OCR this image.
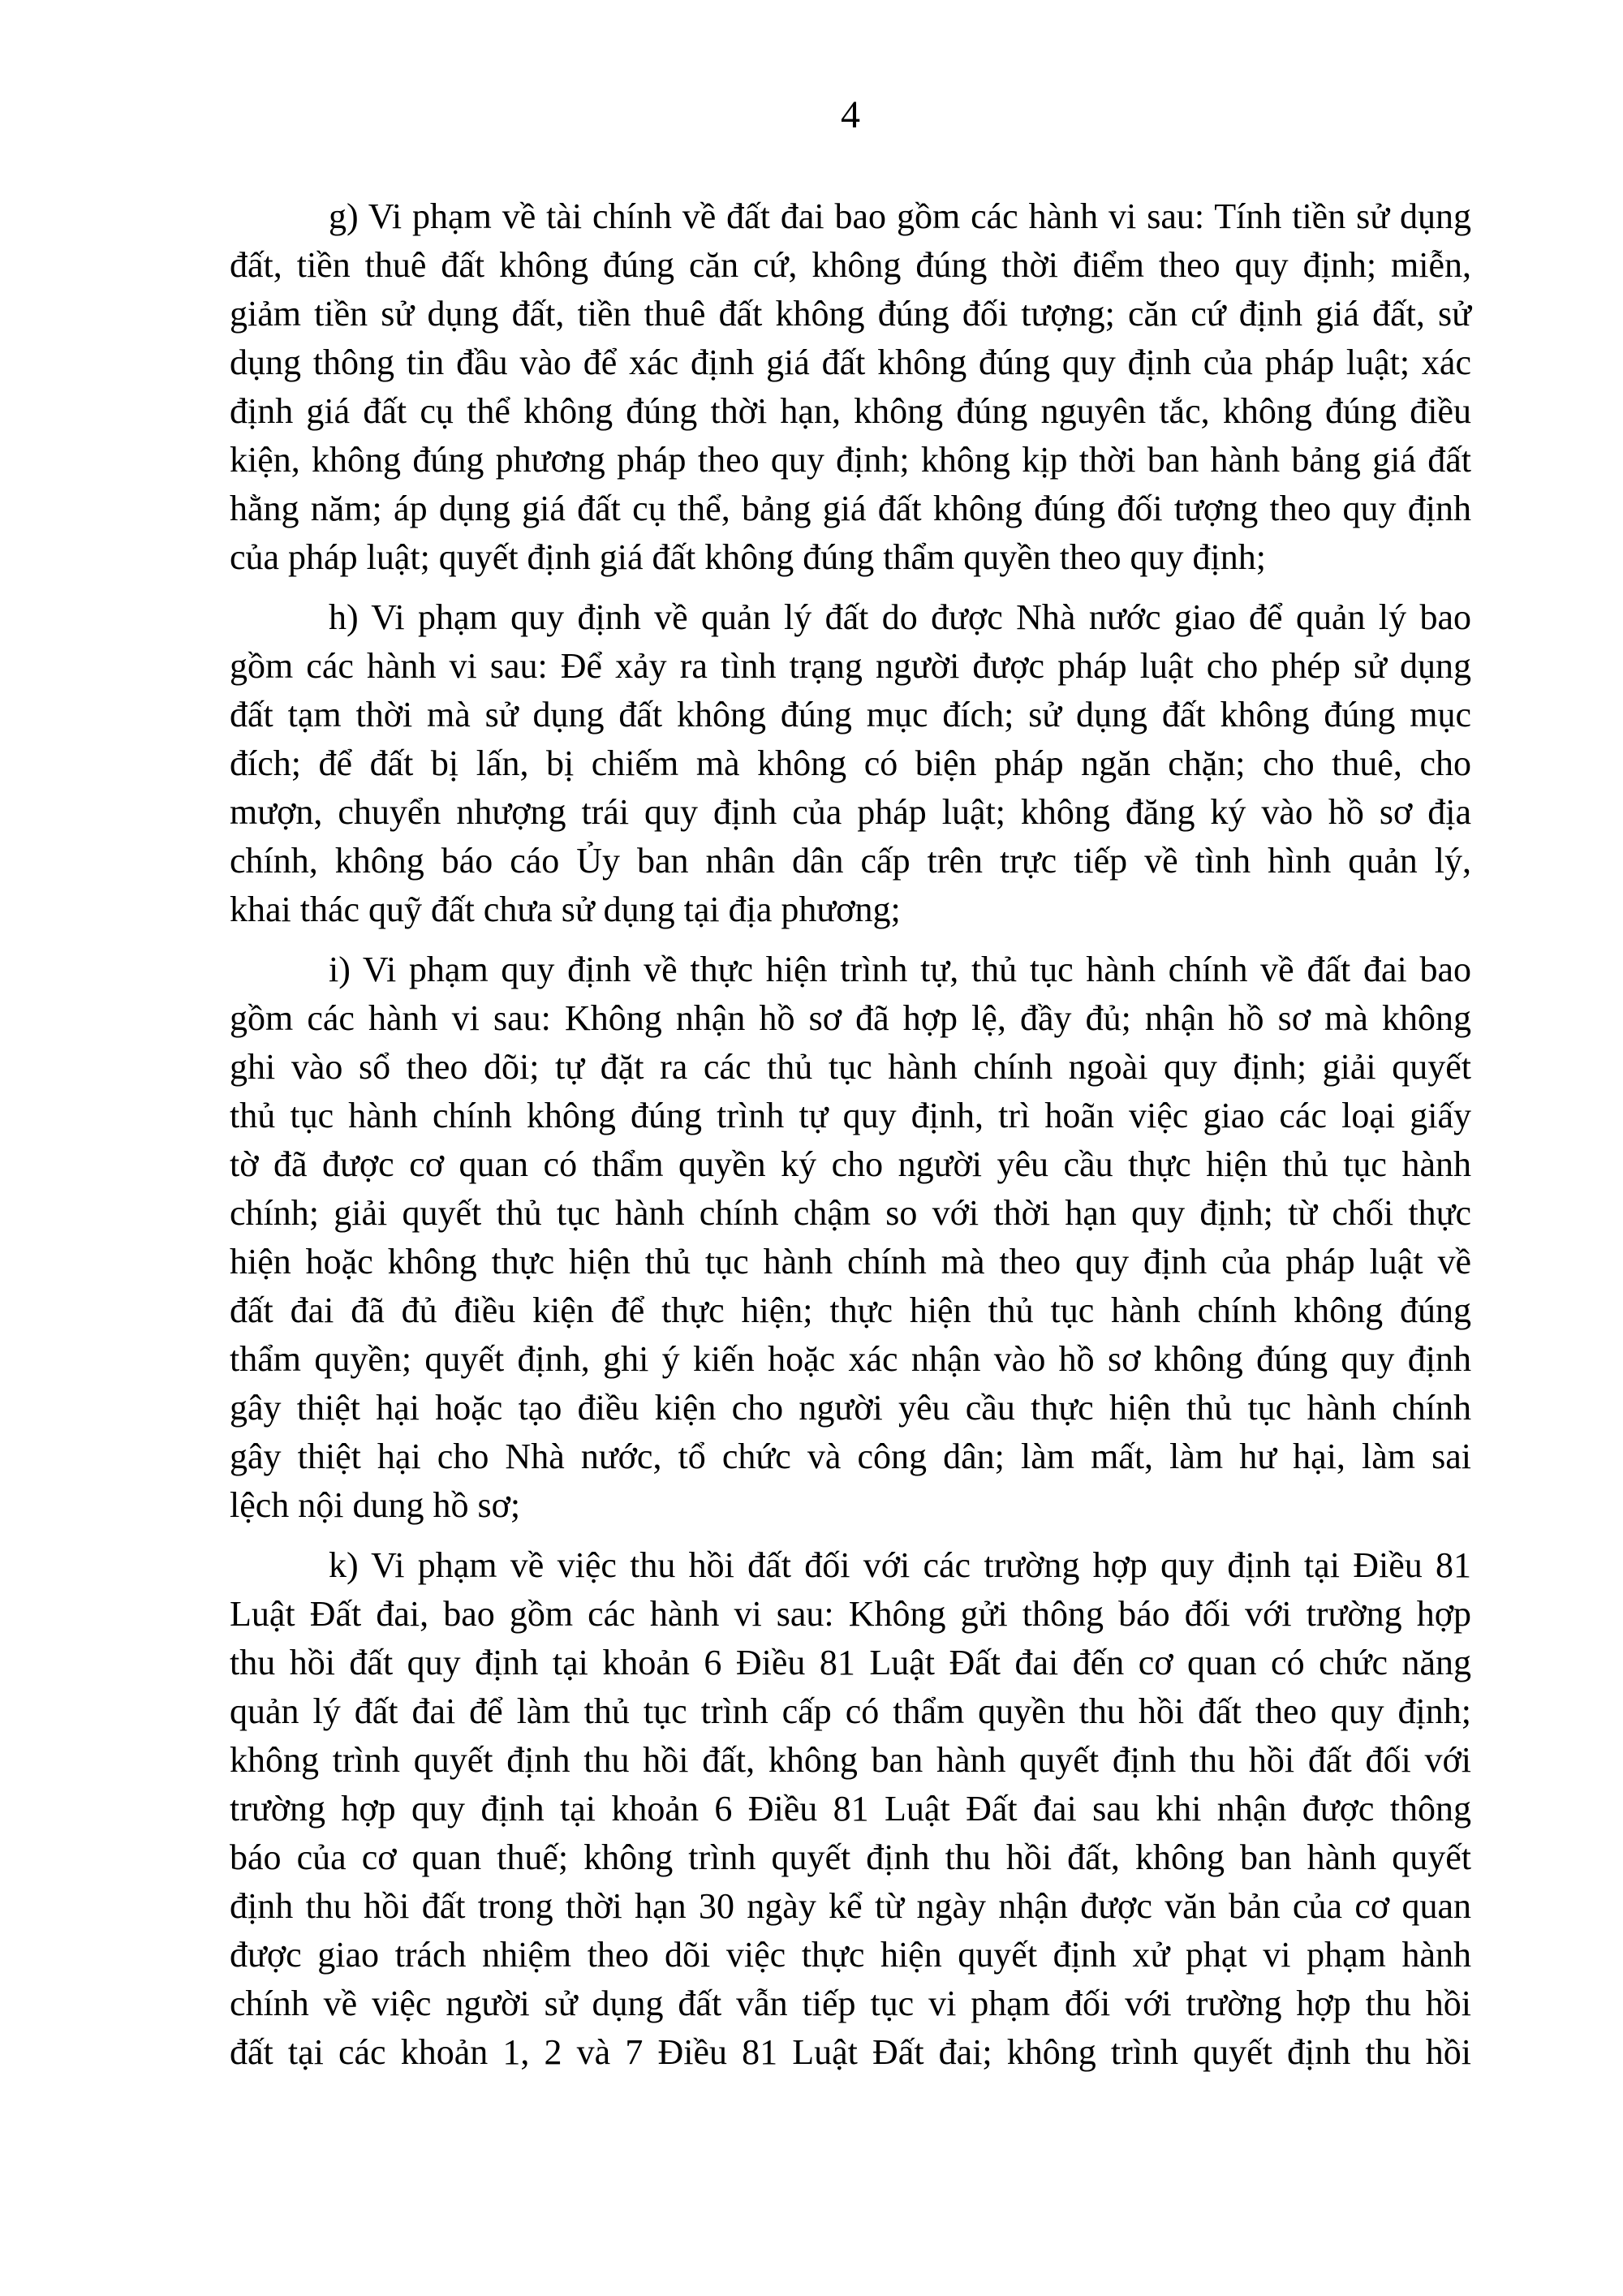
4
g) Vi phạm về tài chính về đất đai bao gồm các hành vi sau: Tính tiền sử dụng
đất, tiền thuê đất không đúng căn cứ, không đúng thời điểm theo quy định; miễn,
giảm tiền sử dụng đất, tiền thuê đất không đúng đối tượng; căn cứ định giá đất, sử
dụng thông tin đầu vào để xác định giá đất không đúng quy định của pháp luật; xác
định giá đất cụ thể không đúng thời hạn, không đúng nguyên tắc, không đúng điều
kiện, không đúng phương pháp theo quy định; không kịp thời ban hành bảng giá đất
hằng năm; áp dụng giá đất cụ thể, bảng giá đất không đúng đối tượng theo quy định
của pháp luật; quyết định giá đất không đúng thẩm quyền theo quy định;
h) Vi phạm quy định về quản lý đất do được Nhà nước giao để quản lý bao
gồm các hành vi sau: Để xảy ra tình trạng người được pháp luật cho phép sử dụng
đất tạm thời mà sử dụng đất không đúng mục đích; sử dụng đất không đúng mục
đích; để đất bị lấn, bị chiếm mà không có biện pháp ngăn chặn; cho thuê, cho
mượn, chuyển nhượng trái quy định của pháp luật; không đăng ký vào hồ sơ địa
chính, không báo cáo Ủy ban nhân dân cấp trên trực tiếp về tình hình quản lý,
khai thác quỹ đất chưa sử dụng tại địa phương;
i) Vi phạm quy định về thực hiện trình tự, thủ tục hành chính về đất đai bao
gồm các hành vi sau: Không nhận hồ sơ đã hợp lệ, đầy đủ; nhận hồ sơ mà không
ghi vào sổ theo dõi; tự đặt ra các thủ tục hành chính ngoài quy định; giải quyết
thủ tục hành chính không đúng trình tự quy định, trì hoãn việc giao các loại giấy
tờ đã được cơ quan có thẩm quyền ký cho người yêu cầu thực hiện thủ tục hành
chính; giải quyết thủ tục hành chính chậm so với thời hạn quy định; từ chối thực
hiện hoặc không thực hiện thủ tục hành chính mà theo quy định của pháp luật về
đất đai đã đủ điều kiện để thực hiện; thực hiện thủ tục hành chính không đúng
thẩm quyền; quyết định, ghi ý kiến hoặc xác nhận vào hồ sơ không đúng quy định
gây thiệt hại hoặc tạo điều kiện cho người yêu cầu thực hiện thủ tục hành chính
gây thiệt hại cho Nhà nước, tổ chức và công dân; làm mất, làm hư hại, làm sai
lệch nội dung hồ sơ;
k) Vi phạm về việc thu hồi đất đối với các trường hợp quy định tại Điều 81
Luật Đất đai, bao gồm các hành vi sau: Không gửi thông báo đối với trường hợp
thu hồi đất quy định tại khoản 6 Điều 81 Luật Đất đai đến cơ quan có chức năng
quản lý đất đai để làm thủ tục trình cấp có thẩm quyền thu hồi đất theo quy định;
không trình quyết định thu hồi đất, không ban hành quyết định thu hồi đất đối với
trường hợp quy định tại khoản 6 Điều 81 Luật Đất đai sau khi nhận được thông
báo của cơ quan thuế; không trình quyết định thu hồi đất, không ban hành quyết
định thu hồi đất trong thời hạn 30 ngày kể từ ngày nhận được văn bản của cơ quan
được giao trách nhiệm theo dõi việc thực hiện quyết định xử phạt vi phạm hành
chính về việc người sử dụng đất vẫn tiếp tục vi phạm đối với trường hợp thu hồi
đất tại các khoản 1, 2 và 7 Điều 81 Luật Đất đai; không trình quyết định thu hồi
